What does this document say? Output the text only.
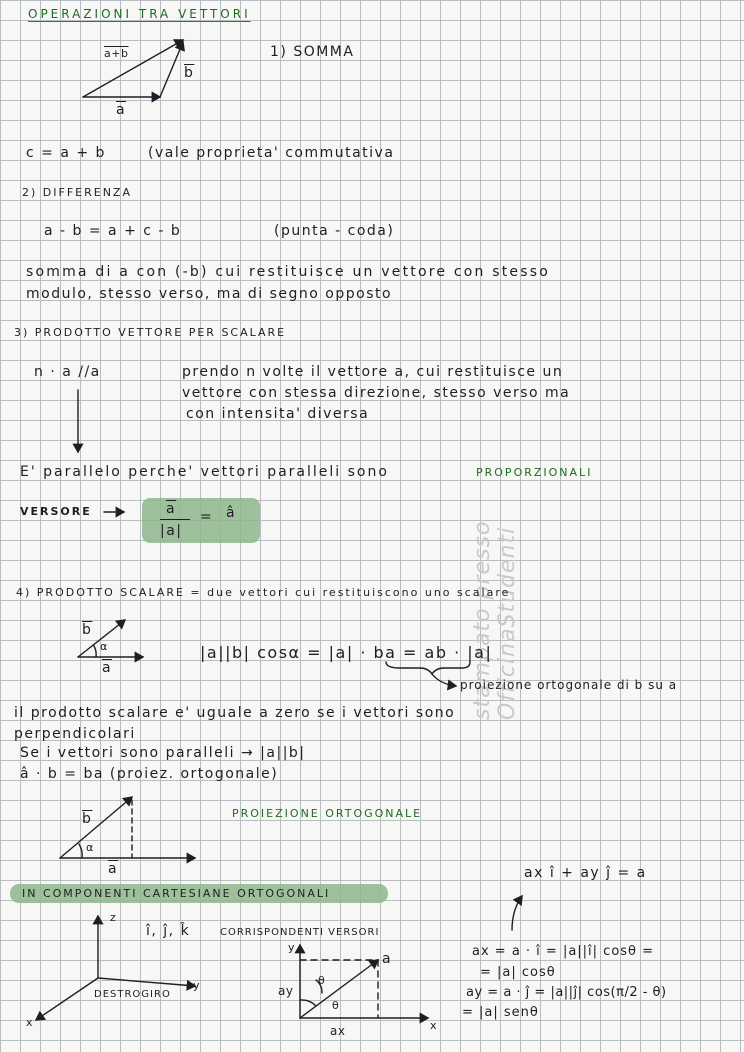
stampato presso OfficinaStudenti
OPERAZIONI TRA VETTORI
1) SOMMA
a+b
$\overline{b}$
$\overline{a}$
c = a + b	(vale proprieta' commutativa
2) DIFFERENZA
a - b = a + c - b	(punta - coda)
somma di a con (-b) cui restituisce un vettore con stesso
modulo, stesso verso, ma di segno opposto
3) PRODOTTO VETTORE PER SCALARE
n · a //a	prendo n volte il vettore a, cui restituisce un
vettore con stessa direzione, stesso verso ma
con intensita' diversa
E' parallelo perche' vettori paralleli sono	PROPORZIONALI
VERSORE	$\overline{a}$
|a|
= â
4) PRODOTTO SCALARE = due vettori cui restituiscono uno scalare
$\overline{b}$
α
$\overline{a}$
|a||b| cosα = |a| · ba = ab · |a|
proiezione ortogonale di b su a
il prodotto scalare e' uguale a zero se i vettori sono
perpendicolari
Se i vettori sono paralleli → |a||b|
â · b = ba (proiez. ortogonale)
PROIEZIONE ORTOGONALE
$\overline{b}$
α
$\overline{a}$
IN COMPONENTI CARTESIANE ORTOGONALI
z
y
x
î, ĵ, k̂	CORRISPONDENTI VERSORI
DESTROGIRO
y
x
a
ay
ax
θ
θ
ax î + ay ĵ = a
ax = a · î = |a||î| cosθ =
= |a| cosθ
ay = a · ĵ = |a||ĵ| cos(π/2 - θ)
= |a| senθ
